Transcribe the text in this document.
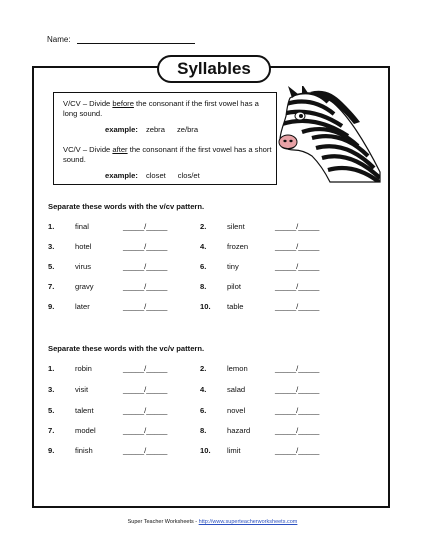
Name:
Syllables
V/CV – Divide before the consonant if the first vowel has a long sound.
example: zebra ze/bra
VC/V – Divide after the consonant if the first vowel has a short sound.
example: closet clos/et
Separate these words with the v/cv pattern.
1.	final	_____/_____	2.	silent	_____/_____
3.	hotel	_____/_____	4.	frozen	_____/_____
5.	virus	_____/_____	6.	tiny	_____/_____
7.	gravy	_____/_____	8.	pilot	_____/_____
9.	later	_____/_____	10. table	_____/_____
Separate these words with the vc/v pattern.
1.	robin	_____/_____	2.	lemon	_____/_____
3.	visit	_____/_____	4.	salad	_____/_____
5.	talent	_____/_____	6.	novel	_____/_____
7.	model	_____/_____	8.	hazard	_____/_____
9.	finish	_____/_____	10. limit	_____/_____
Super Teacher Worksheets - http://www.superteacherworksheets.com
